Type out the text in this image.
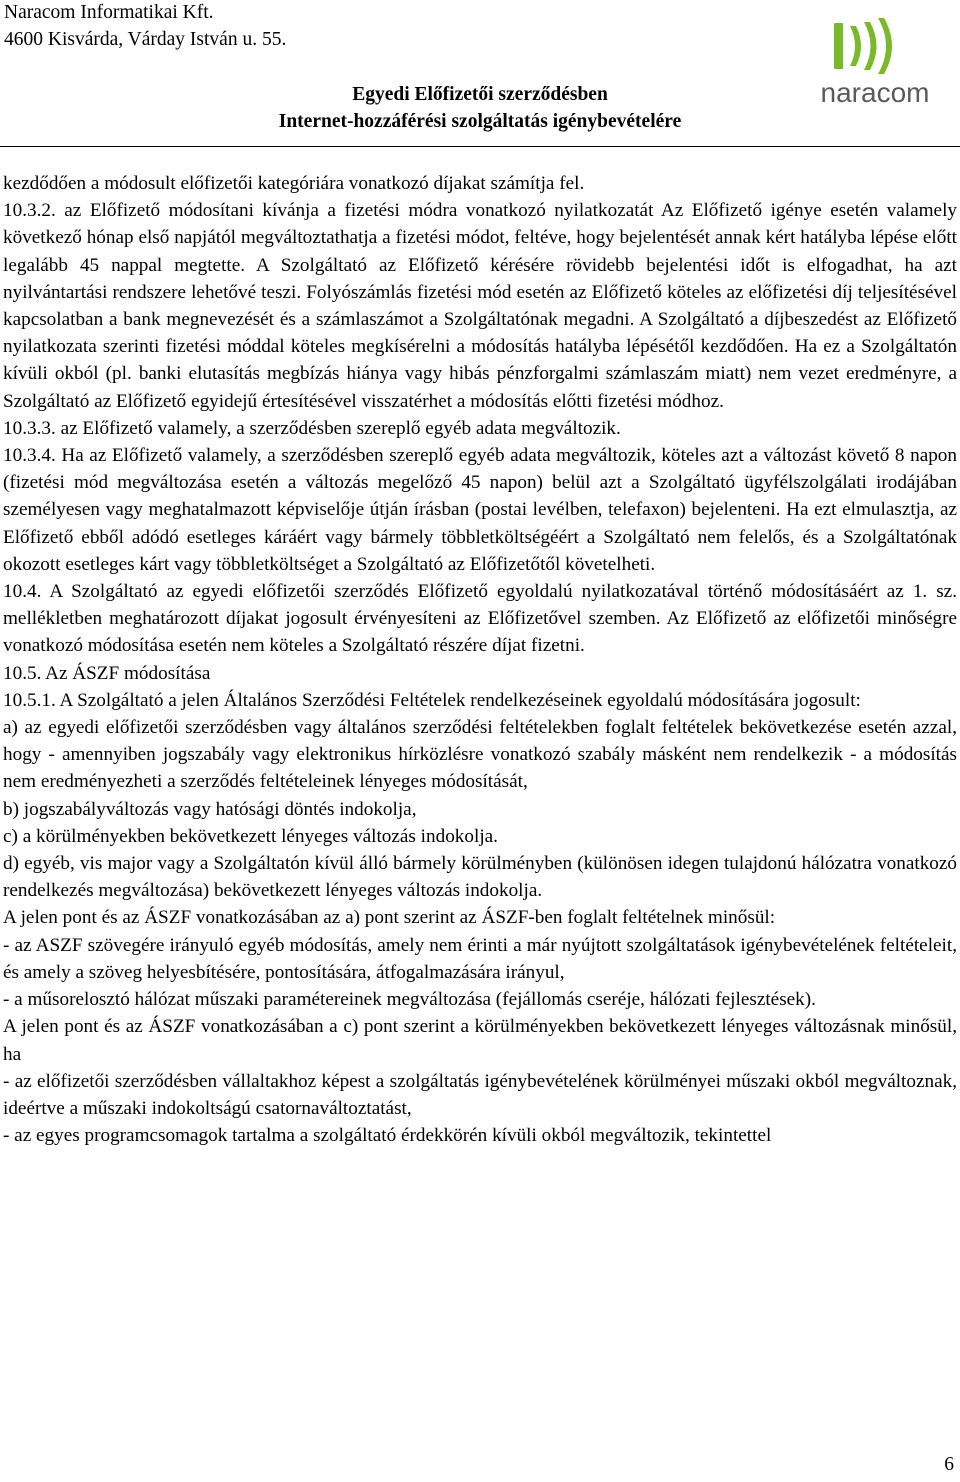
Naracom Informatikai Kft.
4600 Kisvárda, Várday István u. 55.
Egyedi Előfizetői szerződésben
Internet-hozzáférési szolgáltatás igénybevételére
naracom

kezdődően a módosult előfizetői kategóriára vonatkozó díjakat számítja fel.

10.3.2. az Előfizető módosítani kívánja a fizetési módra vonatkozó nyilatkozatát Az Előfizető igénye esetén valamely következő hónap első napjától megváltoztathatja a fizetési módot, feltéve, hogy bejelentését annak kért hatályba lépése előtt legalább 45 nappal megtette. A Szolgáltató az Előfizető kérésére rövidebb bejelentési időt is elfogadhat, ha azt nyilvántartási rendszere lehetővé teszi. Folyószámlás fizetési mód esetén az Előfizető köteles az előfizetési díj teljesítésével kapcsolatban a bank megnevezését és a számlaszámot a Szolgáltatónak megadni. A Szolgáltató a díjbeszedést az Előfizető nyilatkozata szerinti fizetési móddal köteles megkísérelni a módosítás hatályba lépésétől kezdődően. Ha ez a Szolgáltatón kívüli okból (pl. banki elutasítás megbízás hiánya vagy hibás pénzforgalmi számlaszám miatt) nem vezet eredményre, a Szolgáltató az Előfizető egyidejű értesítésével visszatérhet a módosítás előtti fizetési módhoz.

10.3.3. az Előfizető valamely, a szerződésben szereplő egyéb adata megváltozik.

10.3.4. Ha az Előfizető valamely, a szerződésben szereplő egyéb adata megváltozik, köteles azt a változást követő 8 napon (fizetési mód megváltozása esetén a változás megelőző 45 napon) belül azt a Szolgáltató ügyfélszolgálati irodájában személyesen vagy meghatalmazott képviselője útján írásban (postai levélben, telefaxon) bejelenteni. Ha ezt elmulasztja, az Előfizető ebből adódó esetleges káráért vagy bármely többletköltségéért a Szolgáltató nem felelős, és a Szolgáltatónak okozott esetleges kárt vagy többletköltséget a Szolgáltató az Előfizetőtől követelheti.

10.4. A Szolgáltató az egyedi előfizetői szerződés Előfizető egyoldalú nyilatkozatával történő módosításáért az 1. sz. mellékletben meghatározott díjakat jogosult érvényesíteni az Előfizetővel szemben. Az Előfizető az előfizetői minőségre vonatkozó módosítása esetén nem köteles a Szolgáltató részére díjat fizetni.

10.5. Az ÁSZF módosítása

10.5.1. A Szolgáltató a jelen Általános Szerződési Feltételek rendelkezéseinek egyoldalú módosítására jogosult:

a) az egyedi előfizetői szerződésben vagy általános szerződési feltételekben foglalt feltételek bekövetkezése esetén azzal, hogy - amennyiben jogszabály vagy elektronikus hírközlésre vonatkozó szabály másként nem rendelkezik - a módosítás nem eredményezheti a szerződés feltételeinek lényeges módosítását,

b) jogszabályváltozás vagy hatósági döntés indokolja,

c) a körülményekben bekövetkezett lényeges változás indokolja.

d) egyéb, vis major vagy a Szolgáltatón kívül álló bármely körülményben (különösen idegen tulajdonú hálózatra vonatkozó rendelkezés megváltozása) bekövetkezett lényeges változás indokolja.

A jelen pont és az ÁSZF vonatkozásában az a) pont szerint az ÁSZF-ben foglalt feltételnek minősül:

- az ASZF szövegére irányuló egyéb módosítás, amely nem érinti a már nyújtott szolgáltatások igénybevételének feltételeit, és amely a szöveg helyesbítésére, pontosítására, átfogalmazására irányul,

- a műsorelosztó hálózat műszaki paramétereinek megváltozása (fejállomás cseréje, hálózati fejlesztések).

A jelen pont és az ÁSZF vonatkozásában a c) pont szerint a körülményekben bekövetkezett lényeges változásnak minősül, ha

- az előfizetői szerződésben vállaltakhoz képest a szolgáltatás igénybevételének körülményei műszaki okból megváltoznak, ideértve a műszaki indokoltságú csatornaváltoztatást,

- az egyes programcsomagok tartalma a szolgáltató érdekkörén kívüli okból megváltozik, tekintettel

6
